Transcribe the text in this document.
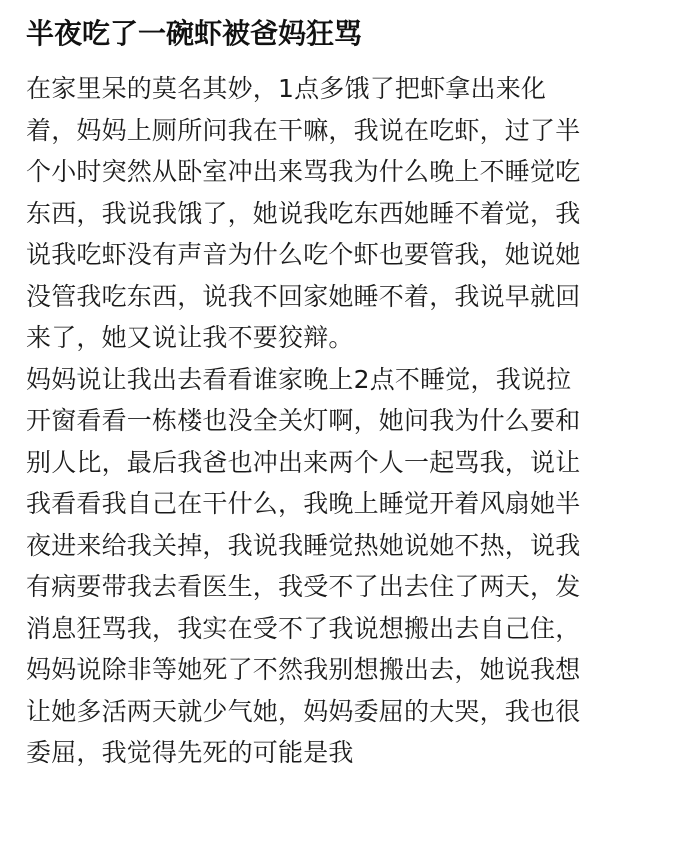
半夜吃了一碗虾被爸妈狂骂
在家里呆的莫名其妙，1点多饿了把虾拿出来化
着，妈妈上厕所问我在干嘛，我说在吃虾，过了半
个小时突然从卧室冲出来骂我为什么晚上不睡觉吃
东西，我说我饿了，她说我吃东西她睡不着觉，我
说我吃虾没有声音为什么吃个虾也要管我，她说她
没管我吃东西，说我不回家她睡不着，我说早就回
来了，她又说让我不要狡辩。
妈妈说让我出去看看谁家晚上2点不睡觉，我说拉
开窗看看一栋楼也没全关灯啊，她问我为什么要和
别人比，最后我爸也冲出来两个人一起骂我，说让
我看看我自己在干什么，我晚上睡觉开着风扇她半
夜进来给我关掉，我说我睡觉热她说她不热，说我
有病要带我去看医生，我受不了出去住了两天，发
消息狂骂我，我实在受不了我说想搬出去自己住，
妈妈说除非等她死了不然我别想搬出去，她说我想
让她多活两天就少气她，妈妈委屈的大哭，我也很
委屈，我觉得先死的可能是我
